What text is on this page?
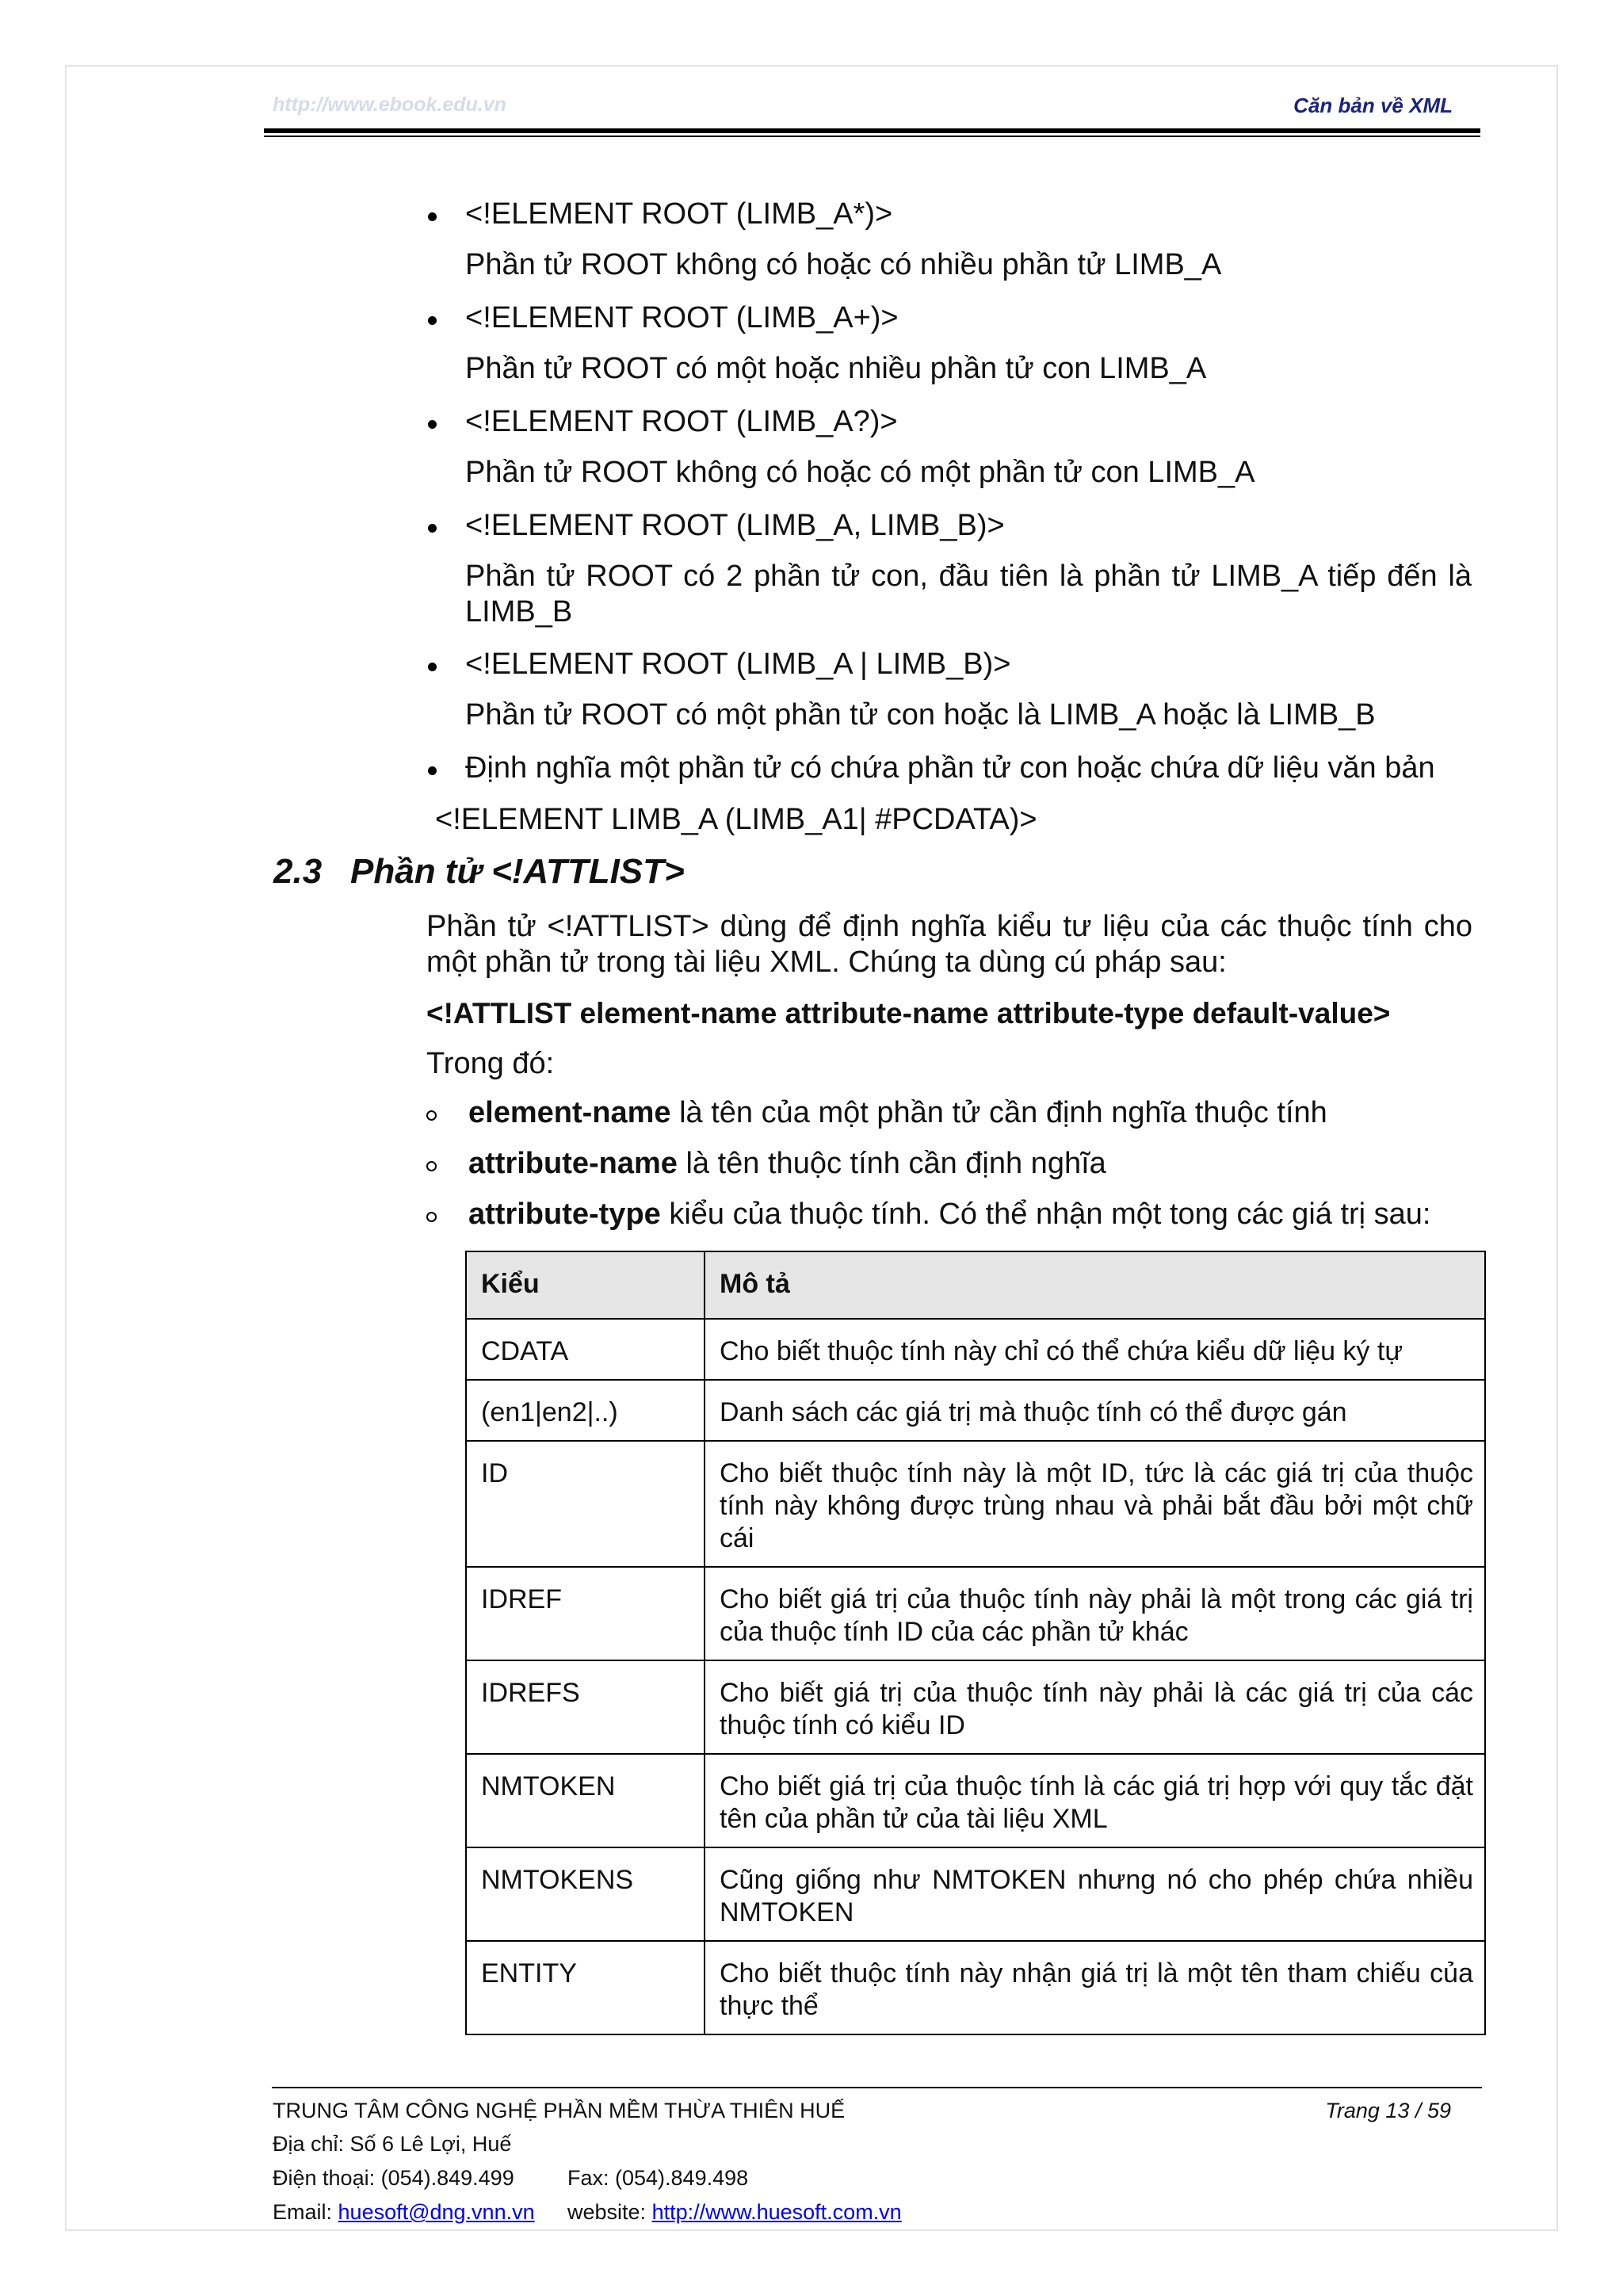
http://www.ebook.edu.vn	Căn bản về XML
<!ELEMENT ROOT (LIMB_A*)>
Phần tử ROOT không có hoặc có nhiều phần tử LIMB_A
<!ELEMENT ROOT (LIMB_A+)>
Phần tử ROOT có một hoặc nhiều phần tử con LIMB_A
<!ELEMENT ROOT (LIMB_A?)>
Phần tử ROOT không có hoặc có một phần tử con LIMB_A
<!ELEMENT ROOT (LIMB_A, LIMB_B)>
Phần tử ROOT có 2 phần tử con, đầu tiên là phần tử LIMB_A tiếp đến là LIMB_B
<!ELEMENT ROOT (LIMB_A | LIMB_B)>
Phần tử ROOT có một phần tử con hoặc là LIMB_A hoặc là LIMB_B
Định nghĩa một phần tử có chứa phần tử con hoặc chứa dữ liệu văn bản
<!ELEMENT LIMB_A (LIMB_A1| #PCDATA)>
2.3 Phần tử <!ATTLIST>
Phần tử <!ATTLIST> dùng để định nghĩa kiểu tư liệu của các thuộc tính cho một phần tử trong tài liệu XML. Chúng ta dùng cú pháp sau:
<!ATTLIST element-name attribute-name attribute-type default-value>
Trong đó:
element-name là tên của một phần tử cần định nghĩa thuộc tính
attribute-name là tên thuộc tính cần định nghĩa
attribute-type kiểu của thuộc tính. Có thể nhận một tong các giá trị sau:
Kiểu	Mô tả
CDATA	Cho biết thuộc tính này chỉ có thể chứa kiểu dữ liệu ký tự
(en1|en2|..)	Danh sách các giá trị mà thuộc tính có thể được gán
ID	Cho biết thuộc tính này là một ID, tức là các giá trị của thuộc tính này không được trùng nhau và phải bắt đầu bởi một chữ cái
IDREF	Cho biết giá trị của thuộc tính này phải là một trong các giá trị của thuộc tính ID của các phần tử khác
IDREFS	Cho biết giá trị của thuộc tính này phải là các giá trị của các thuộc tính có kiểu ID
NMTOKEN	Cho biết giá trị của thuộc tính là các giá trị hợp với quy tắc đặt tên của phần tử của tài liệu XML
NMTOKENS	Cũng giống như NMTOKEN nhưng nó cho phép chứa nhiều NMTOKEN
ENTITY	Cho biết thuộc tính này nhận giá trị là một tên tham chiếu của thực thể
TRUNG TÂM CÔNG NGHỆ PHẦN MỀM THỪA THIÊN HUẾ	Trang 13 / 59
Địa chỉ: Số 6 Lê Lợi, Huế
Điện thoại: (054).849.499 Fax: (054).849.498
Email: huesoft@dng.vnn.vn website: http://www.huesoft.com.vn
